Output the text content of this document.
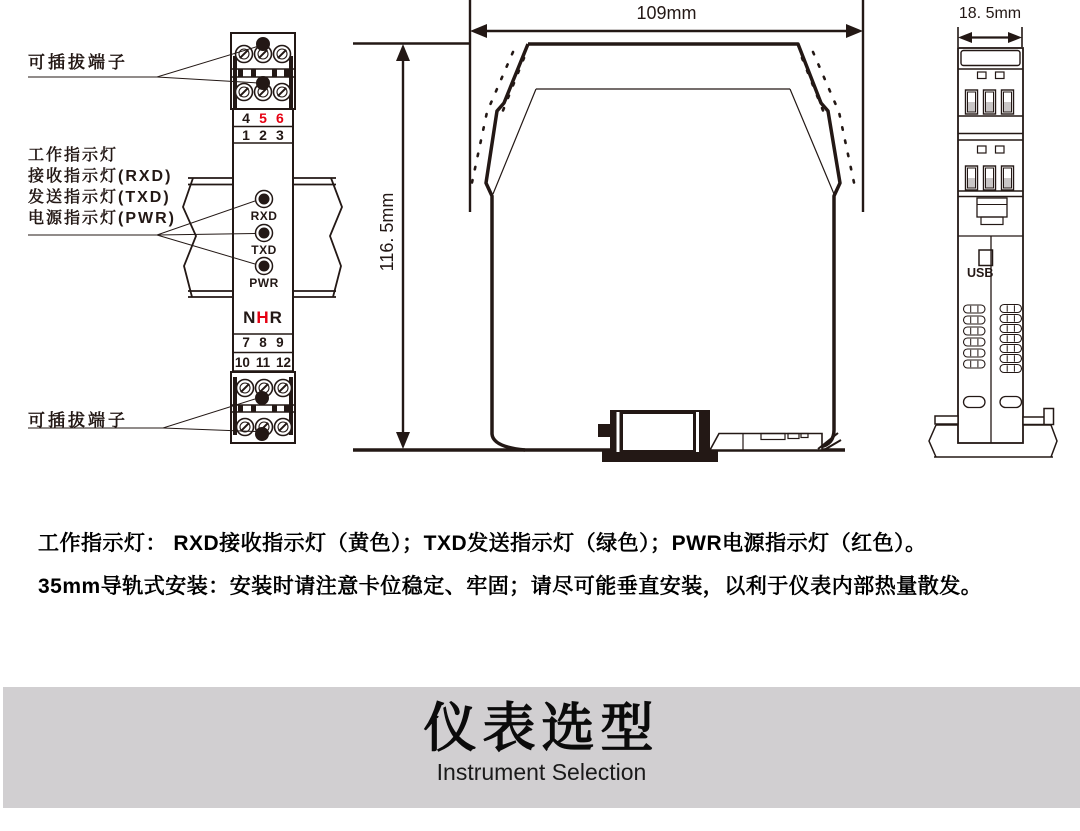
可插拔端子
工作指示灯
接收指示灯(RXD)
发送指示灯(TXD)
电源指示灯(PWR)
4 5 6
1 2 3
RXD
TXD
PWR
NHR
7 8 9
10 11 12
可插拔端子
109mm
116. 5mm
18. 5mm
USB

工作指示灯： RXD接收指示灯（黄色）；TXD发送指示灯（绿色）；PWR电源指示灯（红色）。

35mm导轨式安装：安装时请注意卡位稳定、牢固；请尽可能垂直安装，以利于仪表内部热量散发。

仪表选型
Instrument Selection
